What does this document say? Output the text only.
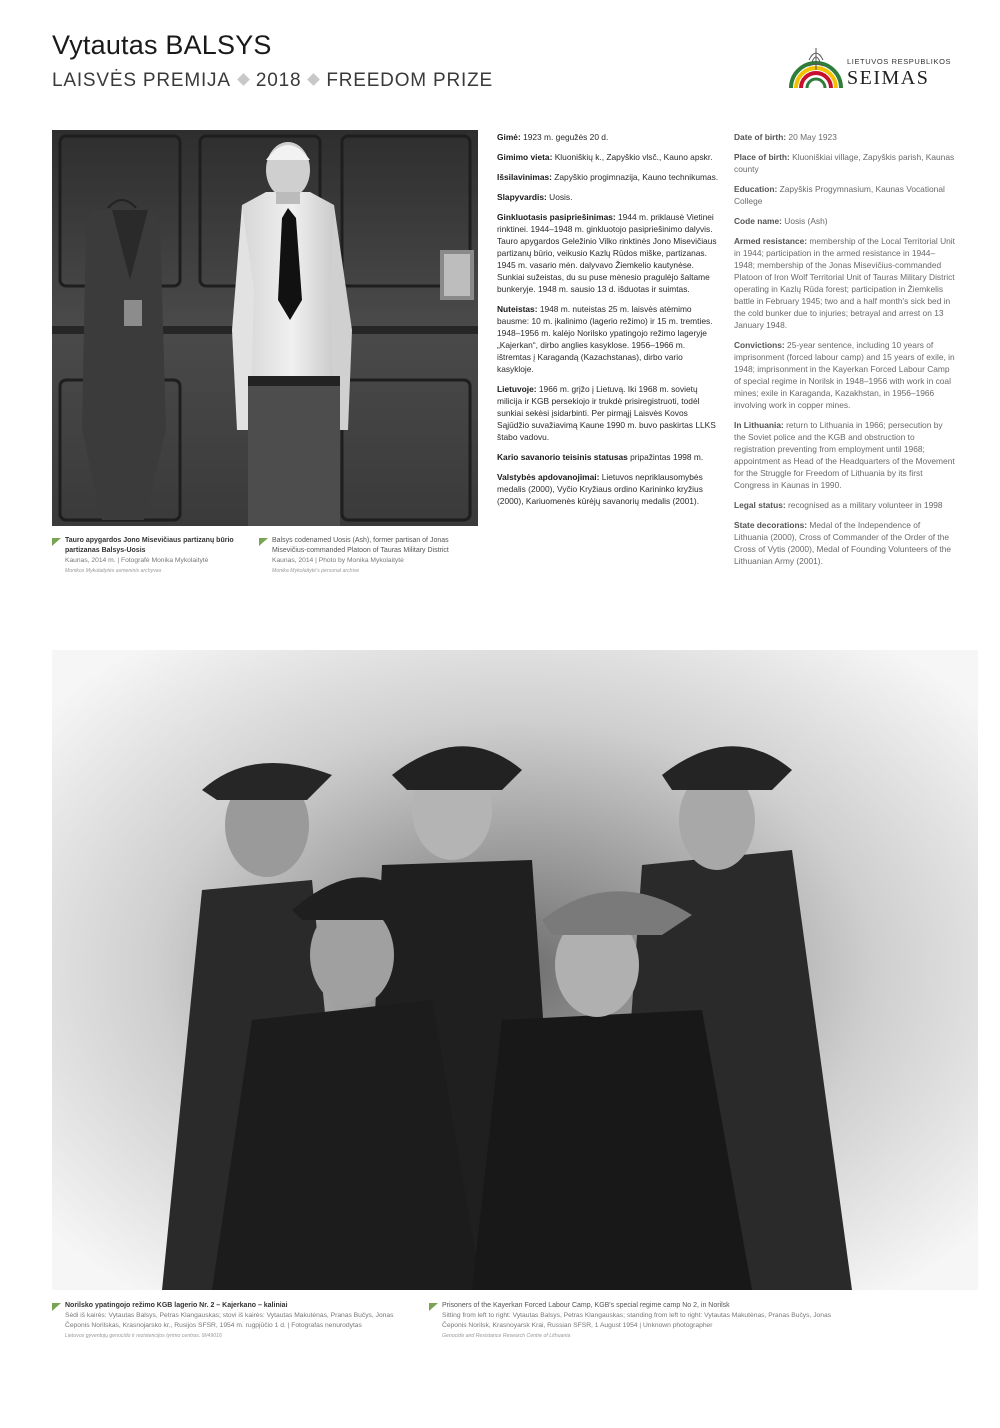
Vytautas BALSYS
LAISVĖS PREMIJA 2018 FREEDOM PRIZE
LIETUVOS RESPUBLIKOS
SEIMAS

Gimė: 1923 m. gegužės 20 d.

Gimimo vieta: Kluoniškių k., Zapyškio vlsč., Kauno apskr.

Išsilavinimas: Zapyškio progimnazija, Kauno technikumas.

Slapyvardis: Uosis.

Ginkluotasis pasipriešinimas: 1944 m. priklausė Vietinei rinktinei. 1944–1948 m. ginkluotojo pasipriešinimo dalyvis. Tauro apygardos Geležinio Vilko rinktinės Jono Misevičiaus partizanų būrio, veikusio Kazlų Rūdos miške, partizanas. 1945 m. vasario mėn. dalyvavo Žiemkelio kautynėse. Sunkiai sužeistas, du su puse mėnesio pragulėjo šaltame bunkeryje. 1948 m. sausio 13 d. išduotas ir suimtas.

Nuteistas: 1948 m. nuteistas 25 m. laisvės atėmimo bausme: 10 m. įkalinimo (lagerio režimo) ir 15 m. tremties. 1948–1956 m. kalėjo Norilsko ypatingojo režimo lageryje „Kajerkan“, dirbo anglies kasyklose. 1956–1966 m. ištremtas į Karagandą (Kazachstanas), dirbo vario kasykloje.

Lietuvoje: 1966 m. grįžo į Lietuvą. Iki 1968 m. sovietų milicija ir KGB persekiojo ir trukdė prisiregistruoti, todėl sunkiai sekėsi įsidarbinti. Per pirmąjį Laisvės Kovos Sąjūdžio suvažiavimą Kaune 1990 m. buvo paskirtas LLKS štabo vadovu.

Kario savanorio teisinis statusas pripažintas 1998 m.

Valstybės apdovanojimai: Lietuvos nepriklausomybės medalis (2000), Vyčio Kryžiaus ordino Karininko kryžius (2000), Kariuomenės kūrėjų savanorių medalis (2001).

Date of birth: 20 May 1923

Place of birth: Kluoniškiai village, Zapyškis parish, Kaunas county

Education: Zapyškis Progymnasium, Kaunas Vocational College

Code name: Uosis (Ash)

Armed resistance: membership of the Local Territorial Unit in 1944; participation in the armed resistance in 1944–1948; membership of the Jonas Misevičius-commanded Platoon of Iron Wolf Territorial Unit of Tauras Military District operating in Kazlų Rūda forest; participation in Žiemkelis battle in February 1945; two and a half month's sick bed in the cold bunker due to injuries; betrayal and arrest on 13 January 1948.

Convictions: 25-year sentence, including 10 years of imprisonment (forced labour camp) and 15 years of exile, in 1948; imprisonment in the Kayerkan Forced Labour Camp of special regime in Norilsk in 1948–1956 with work in coal mines; exile in Karaganda, Kazakhstan, in 1956–1966 involving work in copper mines.

In Lithuania: return to Lithuania in 1966; persecution by the Soviet police and the KGB and obstruction to registration preventing from employment until 1968; appointment as Head of the Headquarters of the Movement for the Struggle for Freedom of Lithuania by its first Congress in Kaunas in 1990.

Legal status: recognised as a military volunteer in 1998

State decorations: Medal of the Independence of Lithuania (2000), Cross of Commander of the Order of the Cross of Vytis (2000), Medal of Founding Volunteers of the Lithuanian Army (2001).

Tauro apygardos Jono Misevičiaus partizanų būrio partizanas Balsys-Uosis
Kaunas, 2014 m. | Fotografė Monika Mykolaitytė
Monikos Mykolaitytės asmeninis archyvas
Balsys codenamed Uosis (Ash), former partisan of Jonas Misevičius-commanded Platoon of Tauras Military District
Kaunas, 2014 | Photo by Monika Mykolaitytė
Monika Mykolaitytė's personal archive
Norilsko ypatingojo režimo KGB lagerio Nr. 2 – Kajerkano – kaliniai
Sėdi iš kairės: Vytautas Balsys, Petras Klangauskas; stovi iš kairės: Vytautas Makutėnas, Pranas Bučys, Jonas Čeponis Norilskas, Krasnojarsko kr., Rusijos SFSR, 1954 m. rugpjūčio 1 d. | Fotografas nenurodytas
Lietuvos gyventojų genocido ir rezistencijos tyrimo centras. 9I/49016
Prisoners of the Kayerkan Forced Labour Camp, KGB's special regime camp No 2, in Norilsk
Sitting from left to right: Vytautas Balsys, Petras Klangauskas; standing from left to right: Vytautas Makutėnas, Pranas Bučys, Jonas Čeponis Norilsk, Krasnoyarsk Krai, Russian SFSR, 1 August 1954 | Unknown photographer
Genocide and Resistance Research Centre of Lithuania
